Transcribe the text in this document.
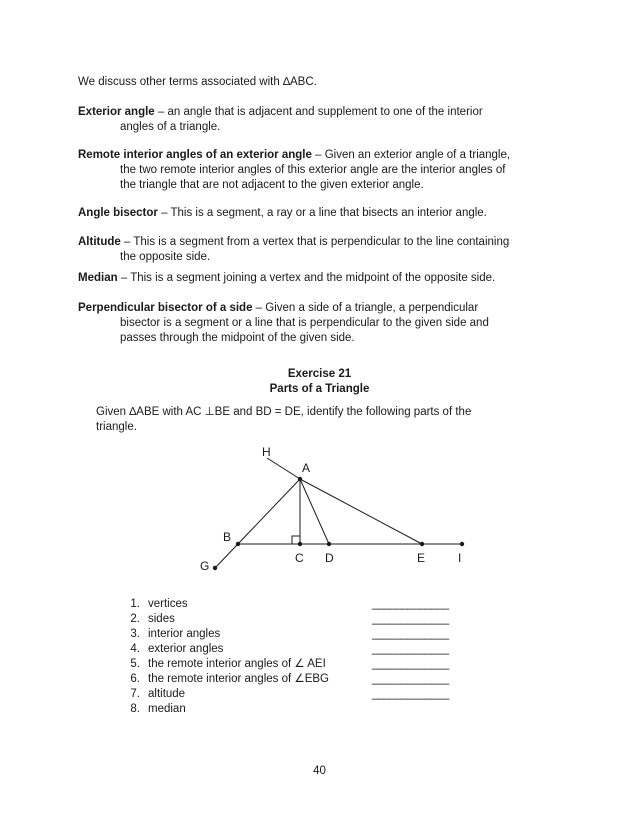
We discuss other terms associated with ∆ABC.
Exterior angle – an angle that is adjacent and supplement to one of the interior
angles of a triangle.
Remote interior angles of an exterior angle – Given an exterior angle of a triangle,
the two remote interior angles of this exterior angle are the interior angles of
the triangle that are not adjacent to the given exterior angle.
Angle bisector – This is a segment, a ray or a line that bisects an interior angle.
Altitude – This is a segment from a vertex that is perpendicular to the line containing
the opposite side.
Median – This is a segment joining a vertex and the midpoint of the opposite side.
Perpendicular bisector of a side – Given a side of a triangle, a perpendicular
bisector is a segment or a line that is perpendicular to the given side and
passes through the midpoint of the given side.
Exercise 21
Parts of a Triangle
Given ∆ABE with AC ⊥BE and BD = DE, identify the following parts of the
triangle.
H
A
B
C D	E	I
G
1. vertices	_____________
2. sides	_____________
3. interior angles	_____________
4. exterior angles	_____________
5. the remote interior angles of ∠ AEI	_____________
6. the remote interior angles of ∠EBG	_____________
7. altitude	_____________
8. median
40
